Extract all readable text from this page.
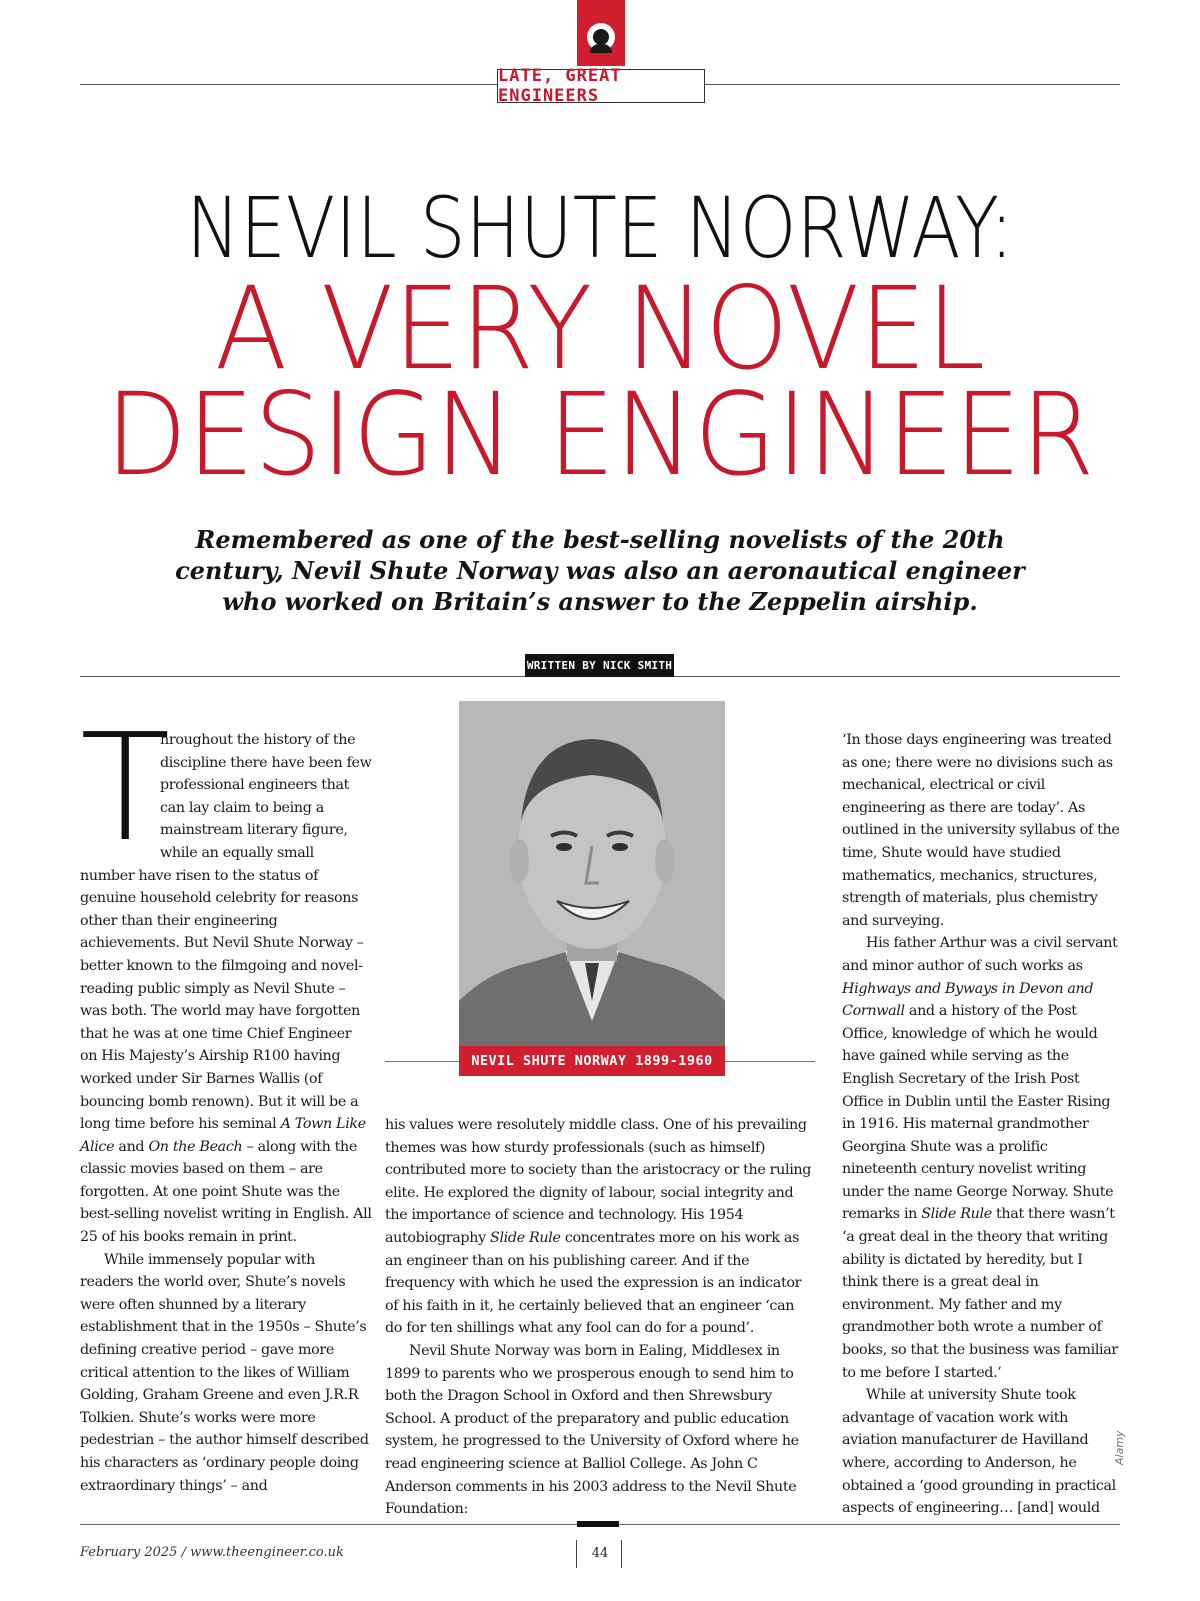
LATE, GREAT ENGINEERS
NEVIL SHUTE NORWAY:
A VERY NOVEL
DESIGN ENGINEER
Remembered as one of the best-selling novelists of the 20th century, Nevil Shute Norway was also an aeronautical engineer who worked on Britain’s answer to the Zeppelin airship.
WRITTEN BY NICK SMITH
T

hroughout the history of the discipline there have been few professional engineers that can lay claim to being a mainstream literary figure, while an equally small number have risen to the status of genuine household celebrity for reasons other than their engineering achievements. But Nevil Shute Norway – better known to the filmgoing and novel-reading public simply as Nevil Shute – was both. The world may have forgotten that he was at one time Chief Engineer on His Majesty’s Airship R100 having worked under Sir Barnes Wallis (of bouncing bomb renown). But it will be a long time before his seminal A Town Like Alice and On the Beach – along with the classic movies based on them – are forgotten. At one point Shute was the best-selling novelist writing in English. All 25 of his books remain in print.

While immensely popular with readers the world over, Shute’s novels were often shunned by a literary establishment that in the 1950s – Shute’s defining creative period – gave more critical attention to the likes of William Golding, Graham Greene and even J.R.R Tolkien. Shute’s works were more pedestrian – the author himself described his characters as ‘ordinary people doing extraordinary things’ – and

NEVIL SHUTE NORWAY 1899-1960

his values were resolutely middle class. One of his prevailing themes was how sturdy professionals (such as himself) contributed more to society than the aristocracy or the ruling elite. He explored the dignity of labour, social integrity and the importance of science and technology. His 1954 autobiography Slide Rule concentrates more on his work as an engineer than on his publishing career. And if the frequency with which he used the expression is an indicator of his faith in it, he certainly believed that an engineer ‘can do for ten shillings what any fool can do for a pound’.

Nevil Shute Norway was born in Ealing, Middlesex in 1899 to parents who we prosperous enough to send him to both the Dragon School in Oxford and then Shrewsbury School. A product of the preparatory and public education system, he progressed to the University of Oxford where he read engineering science at Balliol College. As John C Anderson comments in his 2003 address to the Nevil Shute Foundation:

‘In those days engineering was treated as one; there were no divisions such as mechanical, electrical or civil engineering as there are today’. As outlined in the university syllabus of the time, Shute would have studied mathematics, mechanics, structures, strength of materials, plus chemistry and surveying.

His father Arthur was a civil servant and minor author of such works as Highways and Byways in Devon and Cornwall and a history of the Post Office, knowledge of which he would have gained while serving as the English Secretary of the Irish Post Office in Dublin until the Easter Rising in 1916. His maternal grandmother Georgina Shute was a prolific nineteenth century novelist writing under the name George Norway. Shute remarks in Slide Rule that there wasn’t ‘a great deal in the theory that writing ability is dictated by heredity, but I think there is a great deal in environment. My father and my grandmother both wrote a number of books, so that the business was familiar to me before I started.’

While at university Shute took advantage of vacation work with aviation manufacturer de Havilland where, according to Anderson, he obtained a ‘good grounding in practical aspects of engineering… [and] would

Alamy
February 2025 / www.theengineer.co.uk	44
